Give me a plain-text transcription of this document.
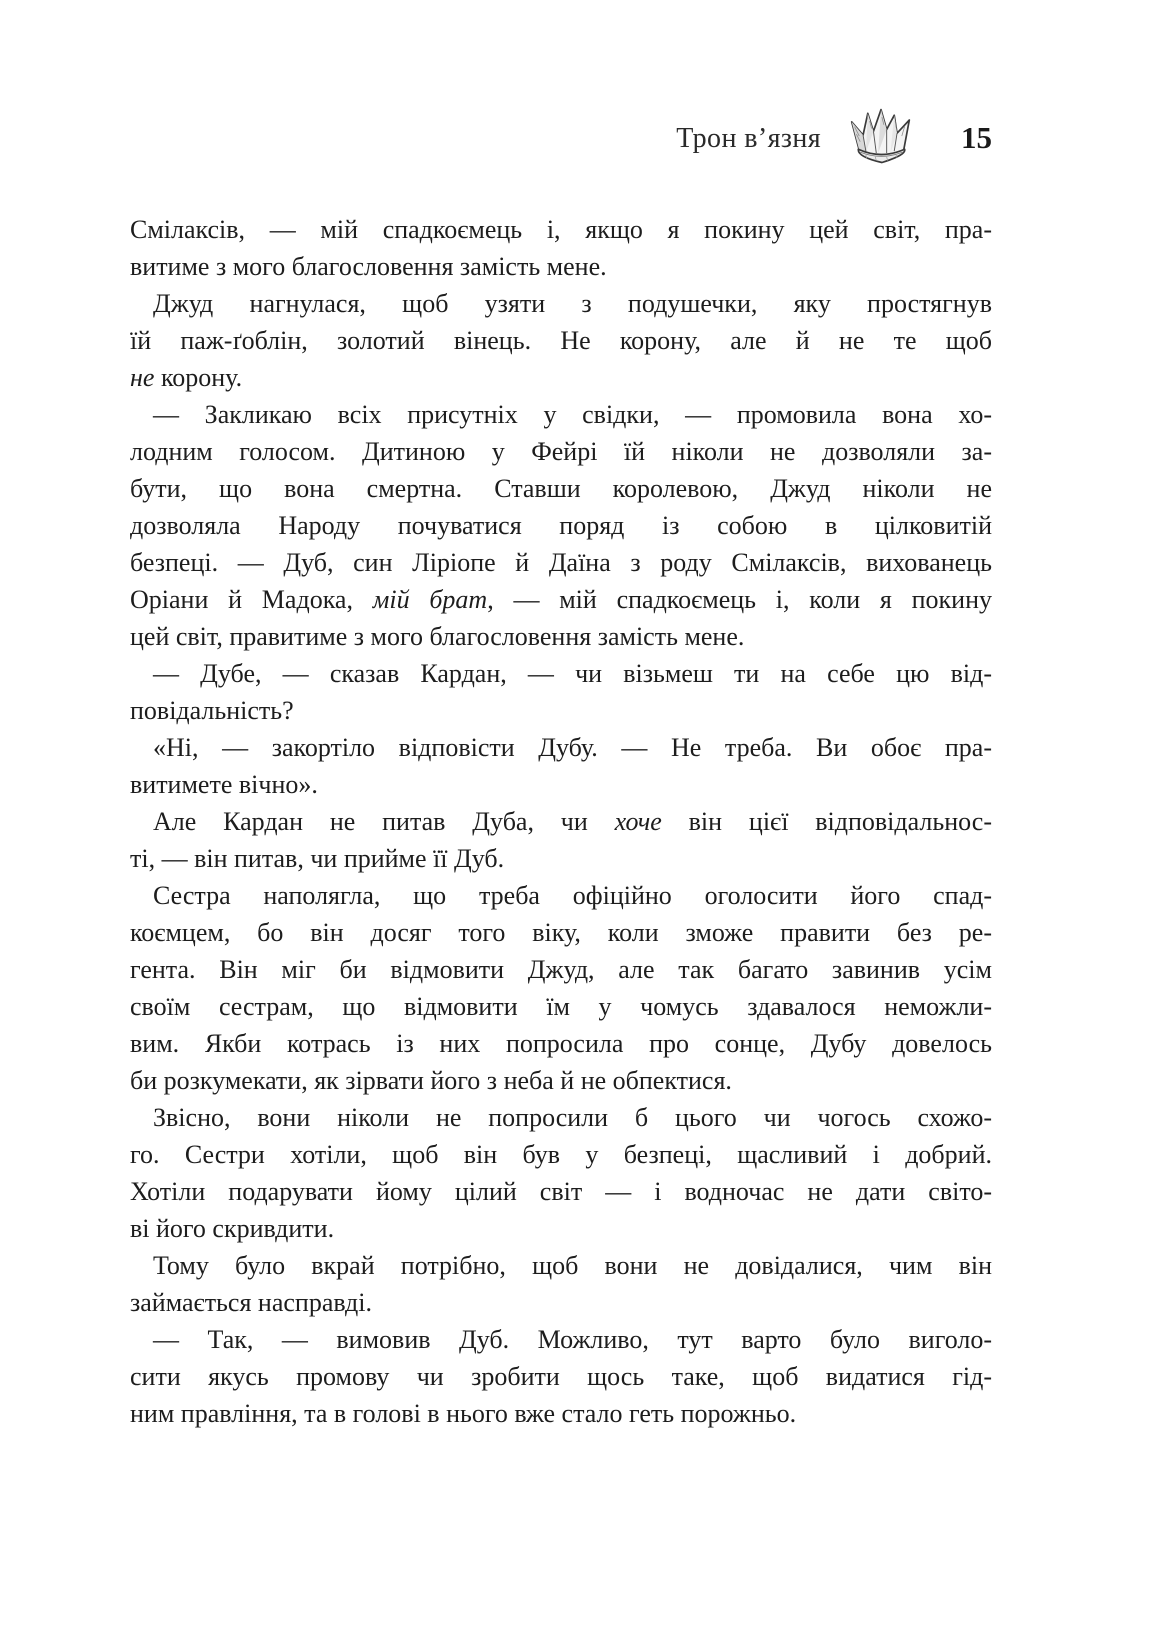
Трон в’язня	15
Смілаксів, — мій спадкоємець і, якщо я покину цей світ, пра-
витиме з мого благословення замість мене.
Джуд нагнулася, щоб узяти з подушечки, яку простягнув
їй паж-ґоблін, золотий вінець. Не корону, але й не те щоб
не корону.
— Закликаю всіх присутніх у свідки, — промовила вона хо-
лодним голосом. Дитиною у Фейрі їй ніколи не дозволяли за-
бути, що вона смертна. Ставши королевою, Джуд ніколи не
дозволяла Народу почуватися поряд із собою в цілковитій
безпеці. — Дуб, син Ліріопе й Даїна з роду Смілаксів, вихованець
Оріани й Мадока, мій брат, — мій спадкоємець і, коли я покину
цей світ, правитиме з мого благословення замість мене.
— Дубе, — сказав Кардан, — чи візьмеш ти на себе цю від-
повідальність?
«Ні, — закортіло відповісти Дубу. — Не треба. Ви обоє пра-
витимете вічно».
Але Кардан не питав Дуба, чи хоче він цієї відповідальнос-
ті, — він питав, чи прийме її Дуб.
Сестра наполягла, що треба офіційно оголосити його спад-
коємцем, бо він досяг того віку, коли зможе правити без ре-
гента. Він міг би відмовити Джуд, але так багато завинив усім
своїм сестрам, що відмовити їм у чомусь здавалося неможли-
вим. Якби котрась із них попросила про сонце, Дубу довелось
би розкумекати, як зірвати його з неба й не обпектися.
Звісно, вони ніколи не попросили б цього чи чогось схожо-
го. Сестри хотіли, щоб він був у безпеці, щасливий і добрий.
Хотіли подарувати йому цілий світ — і водночас не дати світо-
ві його скривдити.
Тому було вкрай потрібно, щоб вони не довідалися, чим він
займається насправді.
— Так, — вимовив Дуб. Можливо, тут варто було виголо-
сити якусь промову чи зробити щось таке, щоб видатися гід-
ним правління, та в голові в нього вже стало геть порожньо.
